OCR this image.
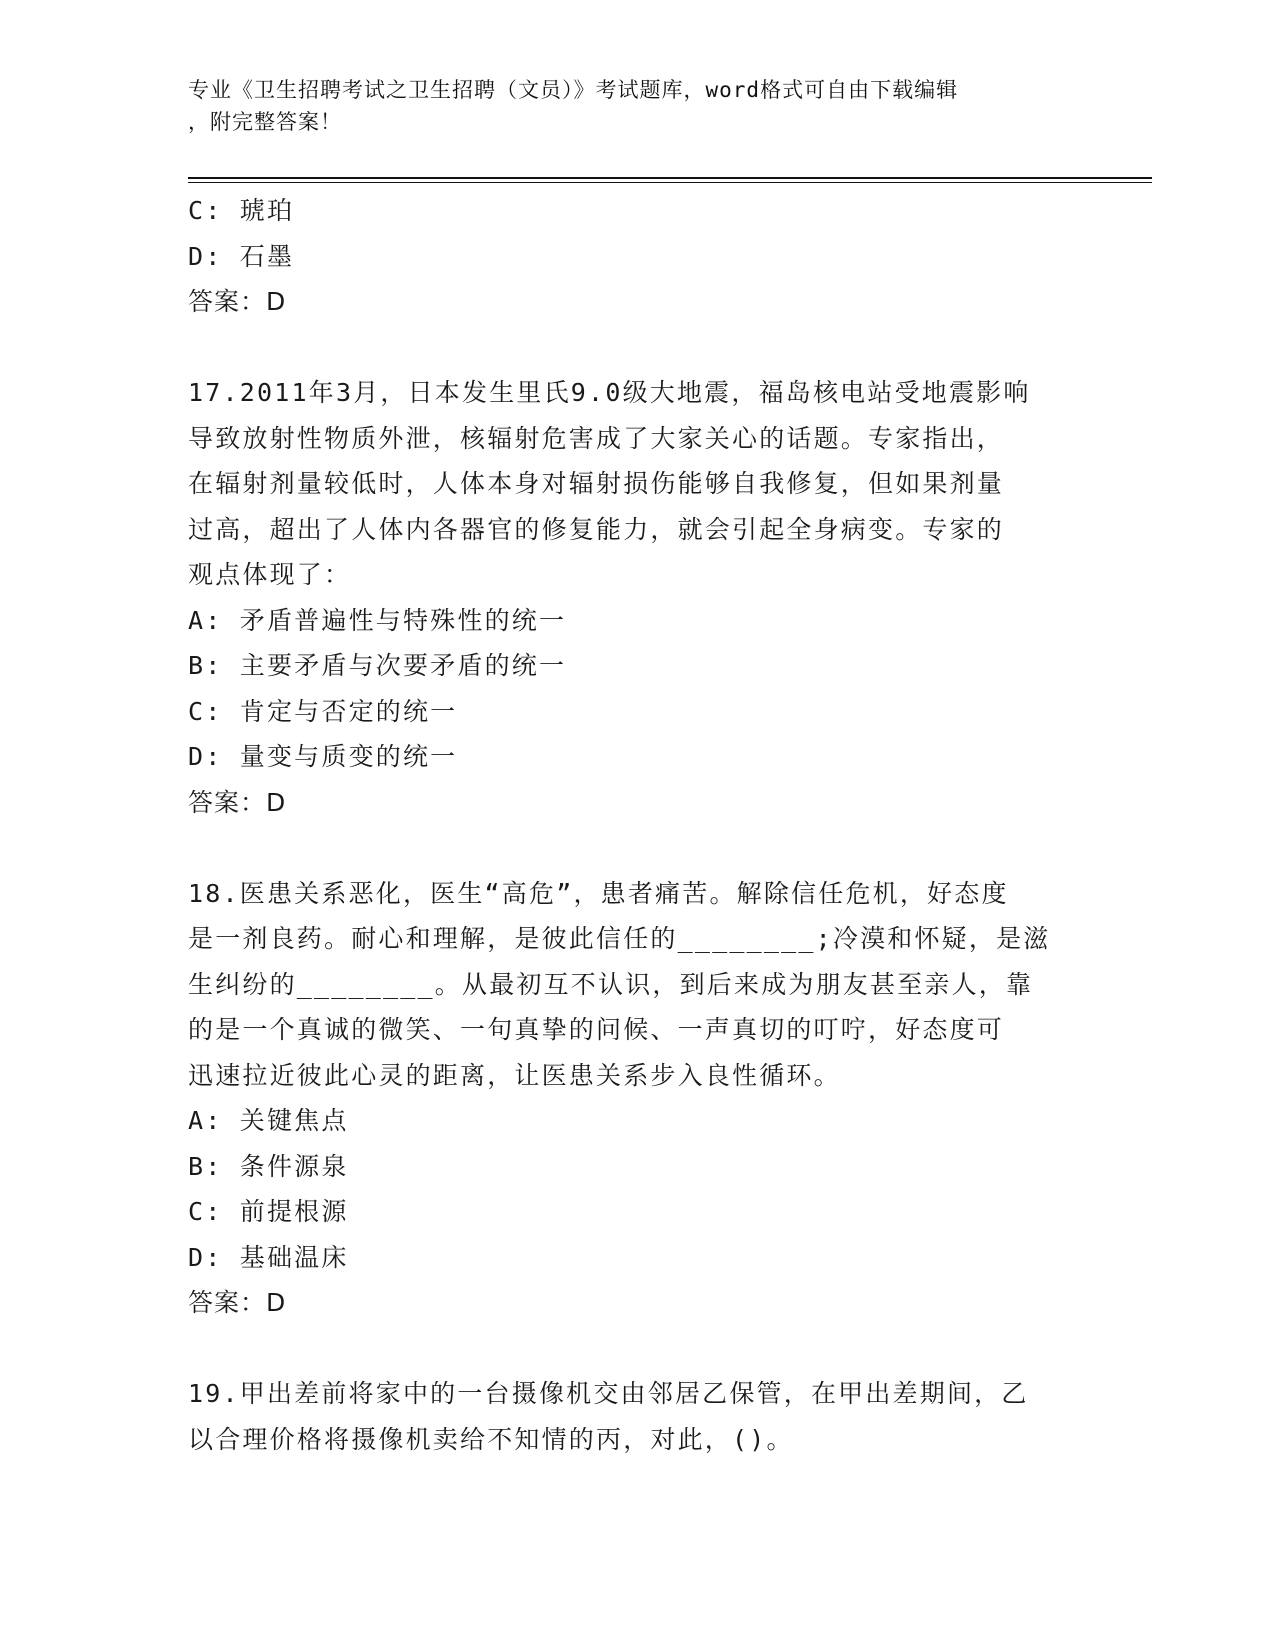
专业《卫生招聘考试之卫生招聘（文员）》考试题库，word格式可自由下载编辑
，附完整答案！
C: 琥珀
D: 石墨
答案：D
17.2011年3月，日本发生里氏9.0级大地震，福岛核电站受地震影响
导致放射性物质外泄，核辐射危害成了大家关心的话题。专家指出，
在辐射剂量较低时，人体本身对辐射损伤能够自我修复，但如果剂量
过高，超出了人体内各器官的修复能力，就会引起全身病变。专家的
观点体现了：
A: 矛盾普遍性与特殊性的统一
B: 主要矛盾与次要矛盾的统一
C: 肯定与否定的统一
D: 量变与质变的统一
答案：D
18.医患关系恶化，医生“高危”，患者痛苦。解除信任危机，好态度
是一剂良药。耐心和理解，是彼此信任的________;冷漠和怀疑，是滋
生纠纷的________。从最初互不认识，到后来成为朋友甚至亲人，靠
的是一个真诚的微笑、一句真挚的问候、一声真切的叮咛，好态度可
迅速拉近彼此心灵的距离，让医患关系步入良性循环。
A: 关键焦点
B: 条件源泉
C: 前提根源
D: 基础温床
答案：D
19.甲出差前将家中的一台摄像机交由邻居乙保管，在甲出差期间，乙
以合理价格将摄像机卖给不知情的丙，对此，()。
